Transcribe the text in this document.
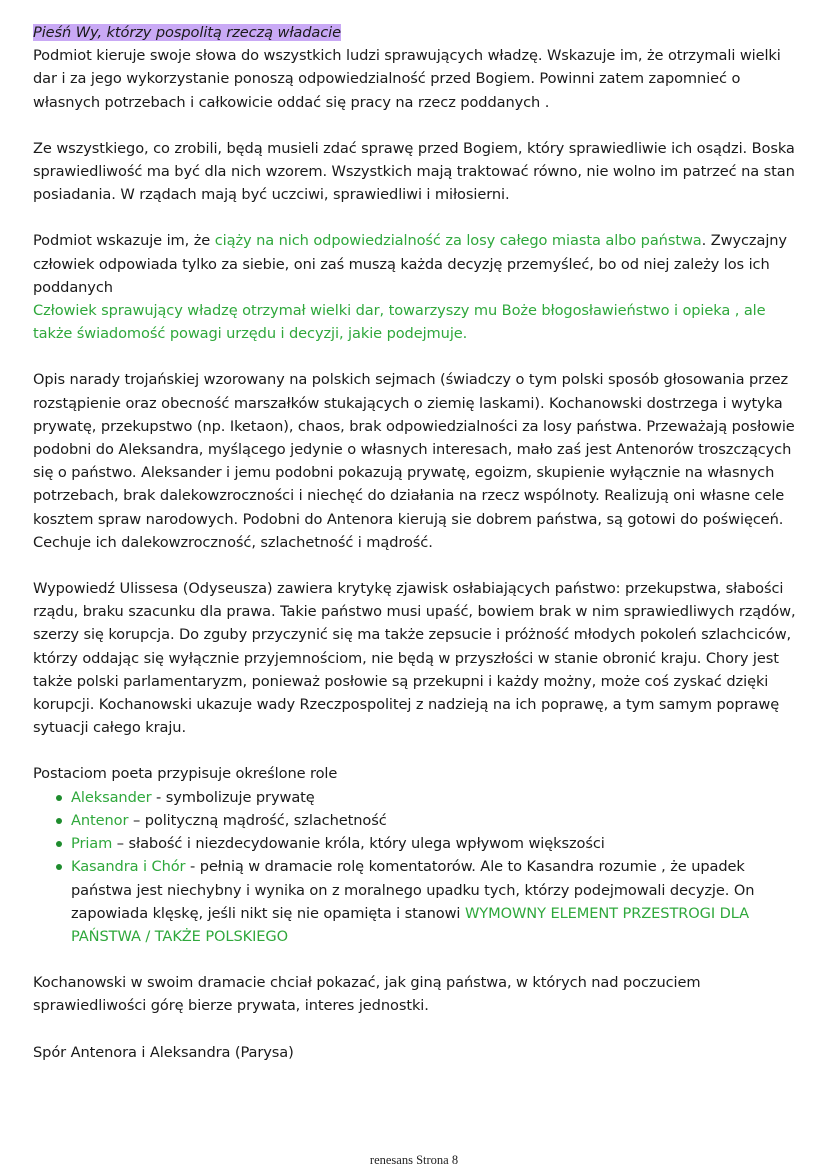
Pieśń Wy, którzy pospolitą rzeczą władacie

Podmiot kieruje swoje słowa do wszystkich ludzi sprawujących władzę. Wskazuje im, że otrzymali wielki dar i za jego wykorzystanie ponoszą odpowiedzialność przed Bogiem. Powinni zatem zapomnieć o własnych potrzebach i całkowicie oddać się pracy na rzecz poddanych .

Ze wszystkiego, co zrobili, będą musieli zdać sprawę przed Bogiem, który sprawiedliwie ich osądzi. Boska sprawiedliwość ma być dla nich wzorem. Wszystkich mają traktować równo, nie wolno im patrzeć na stan posiadania. W rządach mają być uczciwi, sprawiedliwi i miłosierni.

Podmiot wskazuje im, że ciąży na nich odpowiedzialność za losy całego miasta albo państwa. Zwyczajny człowiek odpowiada tylko za siebie, oni zaś muszą każda decyzję przemyśleć, bo od niej zależy los ich poddanych

Człowiek sprawujący władzę otrzymał wielki dar, towarzyszy mu Boże błogosławieństwo i opieka , ale także świadomość powagi urzędu i decyzji, jakie podejmuje.

Opis narady trojańskiej wzorowany na polskich sejmach (świadczy o tym polski sposób głosowania przez rozstąpienie oraz obecność marszałków stukających o ziemię laskami). Kochanowski dostrzega i wytyka prywatę, przekupstwo (np. Iketaon), chaos, brak odpowiedzialności za losy państwa. Przeważają posłowie podobni do Aleksandra, myślącego jedynie o własnych interesach, mało zaś jest Antenorów troszczących się o państwo. Aleksander i jemu podobni pokazują prywatę, egoizm, skupienie wyłącznie na własnych potrzebach, brak dalekowzroczności i niechęć do działania na rzecz wspólnoty. Realizują oni własne cele kosztem spraw narodowych. Podobni do Antenora kierują sie dobrem państwa, są gotowi do poświęceń. Cechuje ich dalekowzroczność, szlachetność i mądrość.

Wypowiedź Ulissesa (Odyseusza) zawiera krytykę zjawisk osłabiających państwo: przekupstwa, słabości rządu, braku szacunku dla prawa. Takie państwo musi upaść, bowiem brak w nim sprawiedliwych rządów, szerzy się korupcja. Do zguby przyczynić się ma także zepsucie i próżność młodych pokoleń szlachciców, którzy oddając się wyłącznie przyjemnościom, nie będą w przyszłości w stanie obronić kraju. Chory jest także polski parlamentaryzm, ponieważ posłowie są przekupni i każdy możny, może coś zyskać dzięki korupcji. Kochanowski ukazuje wady Rzeczpospolitej z nadzieją na ich poprawę, a tym samym poprawę sytuacji całego kraju.

Postaciom poeta przypisuje określone role

Aleksander - symbolizuje prywatę
Antenor – polityczną mądrość, szlachetność
Priam – słabość i niezdecydowanie króla, który ulega wpływom większości
Kasandra i Chór - pełnią w dramacie rolę komentatorów. Ale to Kasandra rozumie , że upadek państwa jest niechybny i wynika on z moralnego upadku tych, którzy podejmowali decyzje. On zapowiada klęskę, jeśli nikt się nie opamięta i stanowi WYMOWNY ELEMENT PRZESTROGI DLA PAŃSTWA / TAKŻE POLSKIEGO

Kochanowski w swoim dramacie chciał pokazać, jak giną państwa, w których nad poczuciem sprawiedliwości górę bierze prywata, interes jednostki.

Spór Antenora i Aleksandra (Parysa)

renesans Strona 8
